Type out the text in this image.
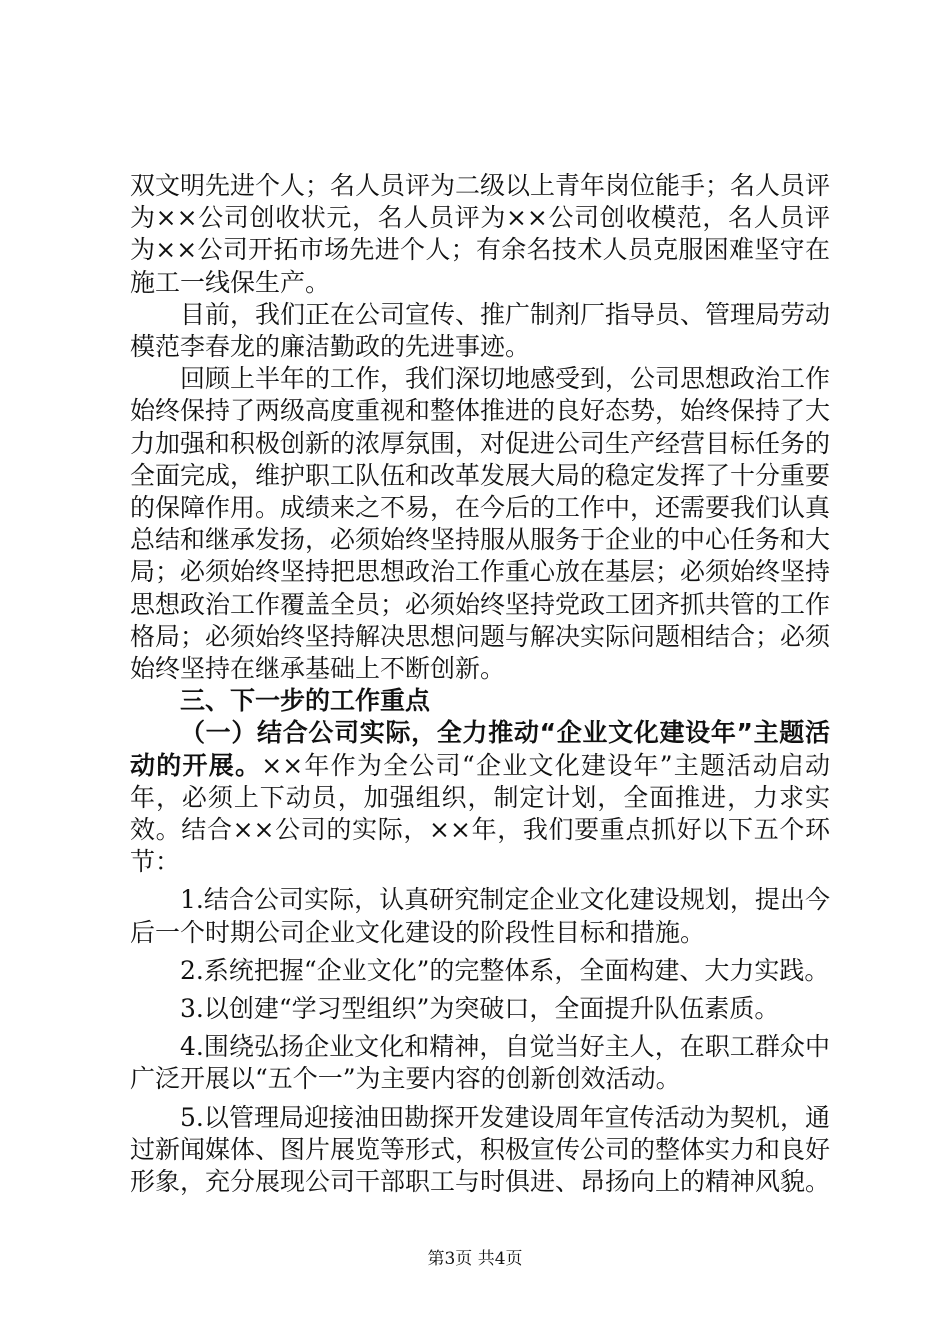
双文明先进个人；名人员评为二级以上青年岗位能手；名人员评为××公司创收状元，名人员评为××公司创收模范，名人员评为××公司开拓市场先进个人；有余名技术人员克服困难坚守在施工一线保生产。

目前，我们正在公司宣传、推广制剂厂指导员、管理局劳动模范李春龙的廉洁勤政的先进事迹。

回顾上半年的工作，我们深切地感受到，公司思想政治工作始终保持了两级高度重视和整体推进的良好态势，始终保持了大力加强和积极创新的浓厚氛围，对促进公司生产经营目标任务的全面完成，维护职工队伍和改革发展大局的稳定发挥了十分重要的保障作用。成绩来之不易，在今后的工作中，还需要我们认真总结和继承发扬，必须始终坚持服从服务于企业的中心任务和大局；必须始终坚持把思想政治工作重心放在基层；必须始终坚持思想政治工作覆盖全员；必须始终坚持党政工团齐抓共管的工作格局；必须始终坚持解决思想问题与解决实际问题相结合；必须始终坚持在继承基础上不断创新。

三、下一步的工作重点

（一）结合公司实际，全力推动“企业文化建设年”主题活动的开展。××年作为全公司“企业文化建设年”主题活动启动年，必须上下动员，加强组织，制定计划，全面推进，力求实效。结合××公司的实际，××年，我们要重点抓好以下五个环节：

1.结合公司实际，认真研究制定企业文化建设规划，提出今后一个时期公司企业文化建设的阶段性目标和措施。

2.系统把握“企业文化”的完整体系，全面构建、大力实践。

3.以创建“学习型组织”为突破口，全面提升队伍素质。

4.围绕弘扬企业文化和精神，自觉当好主人，在职工群众中广泛开展以“五个一”为主要内容的创新创效活动。

5.以管理局迎接油田勘探开发建设周年宣传活动为契机，通过新闻媒体、图片展览等形式，积极宣传公司的整体实力和良好形象，充分展现公司干部职工与时俱进、昂扬向上的精神风貌。

第3页 共4页
